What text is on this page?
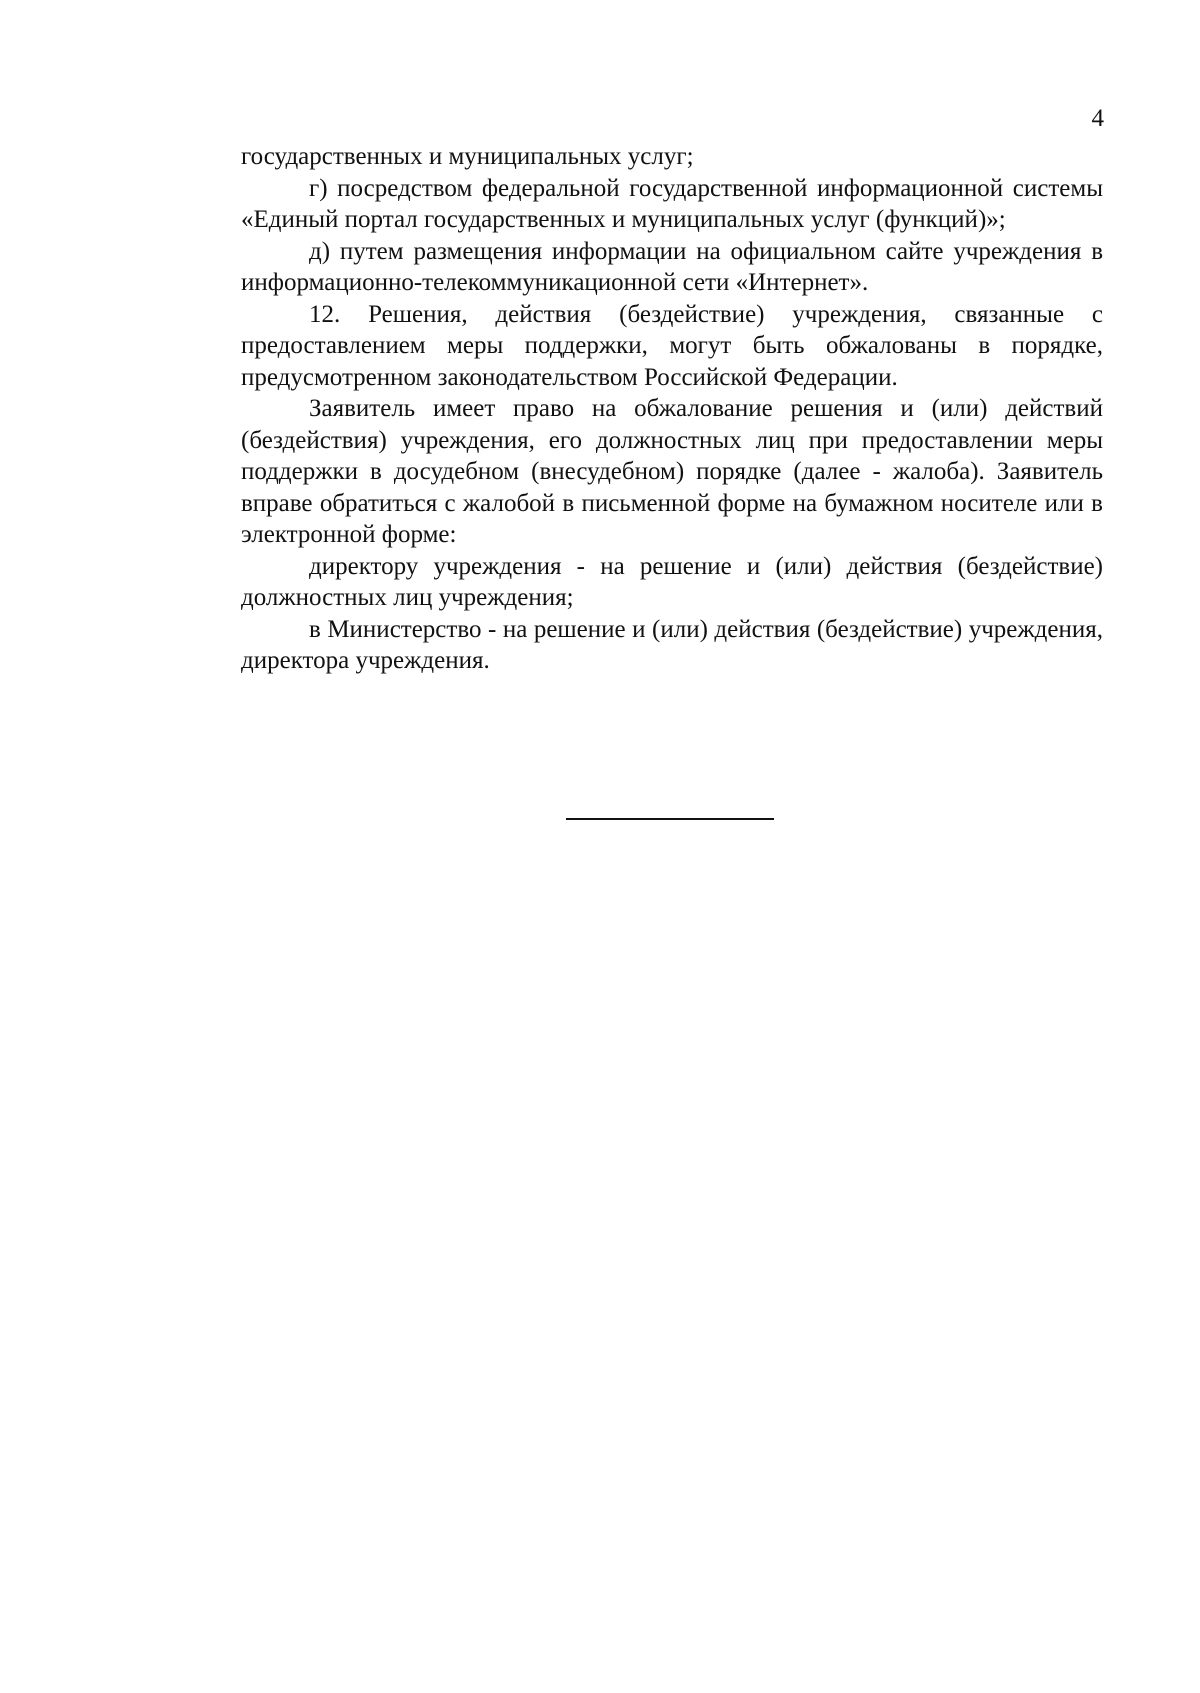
4

государственных и муниципальных услуг;

г) посредством федеральной государственной информационной системы «Единый портал государственных и муниципальных услуг (функций)»;

д) путем размещения информации на официальном сайте учреждения в информационно-телекоммуникационной сети «Интернет».

12. Решения, действия (бездействие) учреждения, связанные с предоставлением меры поддержки, могут быть обжалованы в порядке, предусмотренном законодательством Российской Федерации.

Заявитель имеет право на обжалование решения и (или) действий (бездействия) учреждения, его должностных лиц при предоставлении меры поддержки в досудебном (внесудебном) порядке (далее - жалоба). Заявитель вправе обратиться с жалобой в письменной форме на бумажном носителе или в электронной форме:

директору учреждения - на решение и (или) действия (бездействие) должностных лиц учреждения;

в Министерство - на решение и (или) действия (бездействие) учреждения, директора учреждения.
